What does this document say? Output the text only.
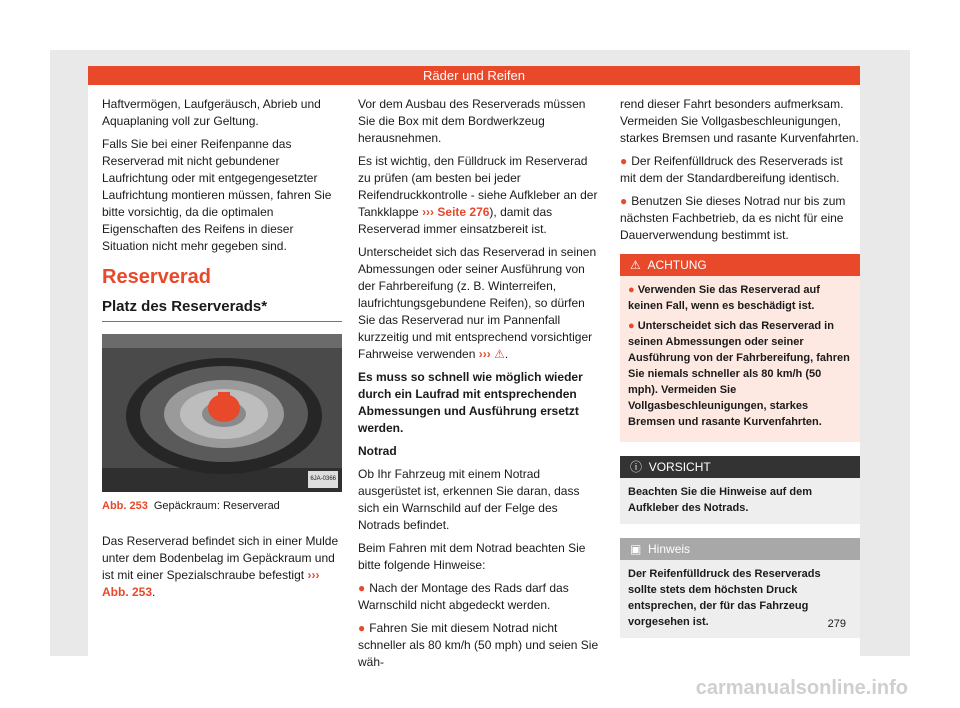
Räder und Reifen

Haftvermögen, Laufgeräusch, Abrieb und Aquaplaning voll zur Geltung.

Falls Sie bei einer Reifenpanne das Reserverad mit nicht gebundener Laufrichtung oder mit entgegengesetzter Laufrichtung montieren müssen, fahren Sie bitte vorsichtig, da die optimalen Eigenschaften des Reifens in dieser Situation nicht mehr gegeben sind.

Reserverad
Platz des Reserverads*
6JA-0366
Abb. 253 Gepäckraum: Reserverad

Das Reserverad befindet sich in einer Mulde unter dem Bodenbelag im Gepäckraum und ist mit einer Spezialschraube befestigt ››› Abb. 253.

Vor dem Ausbau des Reserverads müssen Sie die Box mit dem Bordwerkzeug herausnehmen.

Es ist wichtig, den Fülldruck im Reserverad zu prüfen (am besten bei jeder Reifendruckkontrolle - siehe Aufkleber an der Tankklappe ››› Seite 276), damit das Reserverad immer einsatzbereit ist.

Unterscheidet sich das Reserverad in seinen Abmessungen oder seiner Ausführung von der Fahrbereifung (z. B. Winterreifen, laufrichtungsgebundene Reifen), so dürfen Sie das Reserverad nur im Pannenfall kurzzeitig und mit entsprechend vorsichtiger Fahrweise verwenden ››› ⚠.

Es muss so schnell wie möglich wieder durch ein Laufrad mit entsprechenden Abmessungen und Ausführung ersetzt werden.

Notrad

Ob Ihr Fahrzeug mit einem Notrad ausgerüstet ist, erkennen Sie daran, dass sich ein Warnschild auf der Felge des Notrads befindet.

Beim Fahren mit dem Notrad beachten Sie bitte folgende Hinweise:

● Nach der Montage des Rads darf das Warnschild nicht abgedeckt werden.

● Fahren Sie mit diesem Notrad nicht schneller als 80 km/h (50 mph) und seien Sie wäh-

rend dieser Fahrt besonders aufmerksam. Vermeiden Sie Vollgasbeschleunigungen, starkes Bremsen und rasante Kurvenfahrten.

● Der Reifenfülldruck des Reserverads ist mit dem der Standardbereifung identisch.

● Benutzen Sie dieses Notrad nur bis zum nächsten Fachbetrieb, da es nicht für eine Dauerverwendung bestimmt ist.

⚠ ACHTUNG

● Verwenden Sie das Reserverad auf keinen Fall, wenn es beschädigt ist.

● Unterscheidet sich das Reserverad in seinen Abmessungen oder seiner Ausführung von der Fahrbereifung, fahren Sie niemals schneller als 80 km/h (50 mph). Vermeiden Sie Vollgasbeschleunigungen, starkes Bremsen und rasante Kurvenfahrten.

ⓘ VORSICHT
Beachten Sie die Hinweise auf dem Aufkleber des Notrads.
▣ Hinweis
Der Reifenfülldruck des Reserverads sollte stets dem höchsten Druck entsprechen, der für das Fahrzeug vorgesehen ist.	279
carmanualsonline.info
